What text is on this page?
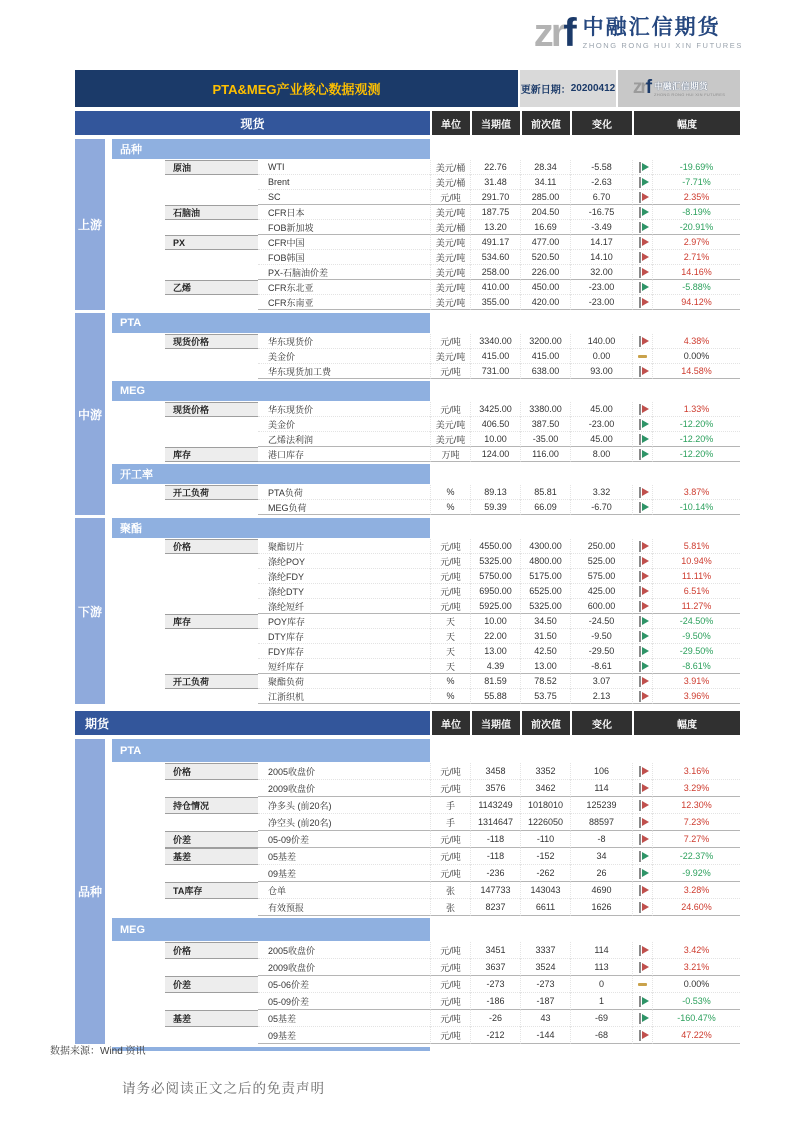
zrf 中融汇信期货
ZHONG RONG HUI XIN FUTURES
PTA&MEG产业核心数据观测	更新日期： 20200412 zrf 中融汇信期货
ZHONG RONG HUI XIN FUTURES
现货	单位	当期值	前次值	变化	幅度
上游
品种
原油	WTI	美元/桶	22.76	28.34	-5.58	-19.69%
Brent	美元/桶	31.48	34.11	-2.63	-7.71%
SC	元/吨	291.70	285.00	6.70	2.35%
石脑油	CFR日本	美元/吨	187.75	204.50	-16.75	-8.19%
FOB新加坡	美元/桶	13.20	16.69	-3.49	-20.91%
PX	CFR中国	美元/吨	491.17	477.00	14.17	2.97%
FOB韩国	美元/吨	534.60	520.50	14.10	2.71%
PX-石脑油价差	美元/吨	258.00	226.00	32.00	14.16%
乙烯	CFR东北亚	美元/吨	410.00	450.00	-23.00	-5.88%
CFR东南亚	美元/吨	355.00	420.00	-23.00	94.12%
中游
PTA
现货价格	华东现货价	元/吨	3340.00	3200.00	140.00	4.38%
美金价	美元/吨	415.00	415.00	0.00	0.00%
华东现货加工费	元/吨	731.00	638.00	93.00	14.58%
MEG
现货价格	华东现货价	元/吨	3425.00	3380.00	45.00	1.33%
美金价	美元/吨	406.50	387.50	-23.00	-12.20%
乙烯法利润	美元/吨	10.00	-35.00	45.00	-12.20%
库存	港口库存	万吨	124.00	116.00	8.00	-12.20%
开工率
开工负荷	PTA负荷	%	89.13	85.81	3.32	3.87%
MEG负荷	%	59.39	66.09	-6.70	-10.14%
下游
聚酯
价格	聚酯切片	元/吨	4550.00	4300.00	250.00	5.81%
涤纶POY	元/吨	5325.00	4800.00	525.00	10.94%
涤纶FDY	元/吨	5750.00	5175.00	575.00	11.11%
涤纶DTY	元/吨	6950.00	6525.00	425.00	6.51%
涤纶短纤	元/吨	5925.00	5325.00	600.00	11.27%
库存	POY库存	天	10.00	34.50	-24.50	-24.50%
DTY库存	天	22.00	31.50	-9.50	-9.50%
FDY库存	天	13.00	42.50	-29.50	-29.50%
短纤库存	天	4.39	13.00	-8.61	-8.61%
开工负荷	聚酯负荷	%	81.59	78.52	3.07	3.91%
江浙织机	%	55.88	53.75	2.13	3.96%
期货	单位	当期值	前次值	变化	幅度
品种
PTA
价格	2005收盘价	元/吨	3458	3352	106	3.16%
2009收盘价	元/吨	3576	3462	114	3.29%
持仓情况	净多头 (前20名)	手	1143249	1018010	125239	12.30%
净空头 (前20名)	手	1314647	1226050	88597	7.23%
价差	05-09价差	元/吨	-118	-110	-8	7.27%
基差	05基差	元/吨	-118	-152	34	-22.37%
09基差	元/吨	-236	-262	26	-9.92%
TA库存	仓单	张	147733	143043	4690	3.28%
有效预报	张	8237	6611	1626	24.60%
MEG
价格	2005收盘价	元/吨	3451	3337	114	3.42%
2009收盘价	元/吨	3637	3524	113	3.21%
价差	05-06价差	元/吨	-273	-273	0	0.00%
05-09价差	元/吨	-186	-187	1	-0.53%
基差	05基差	元/吨	-26	43	-69	-160.47%
09基差	元/吨	-212	-144	-68	47.22%
数据来源：Wind 资讯
请务必阅读正文之后的免责声明
